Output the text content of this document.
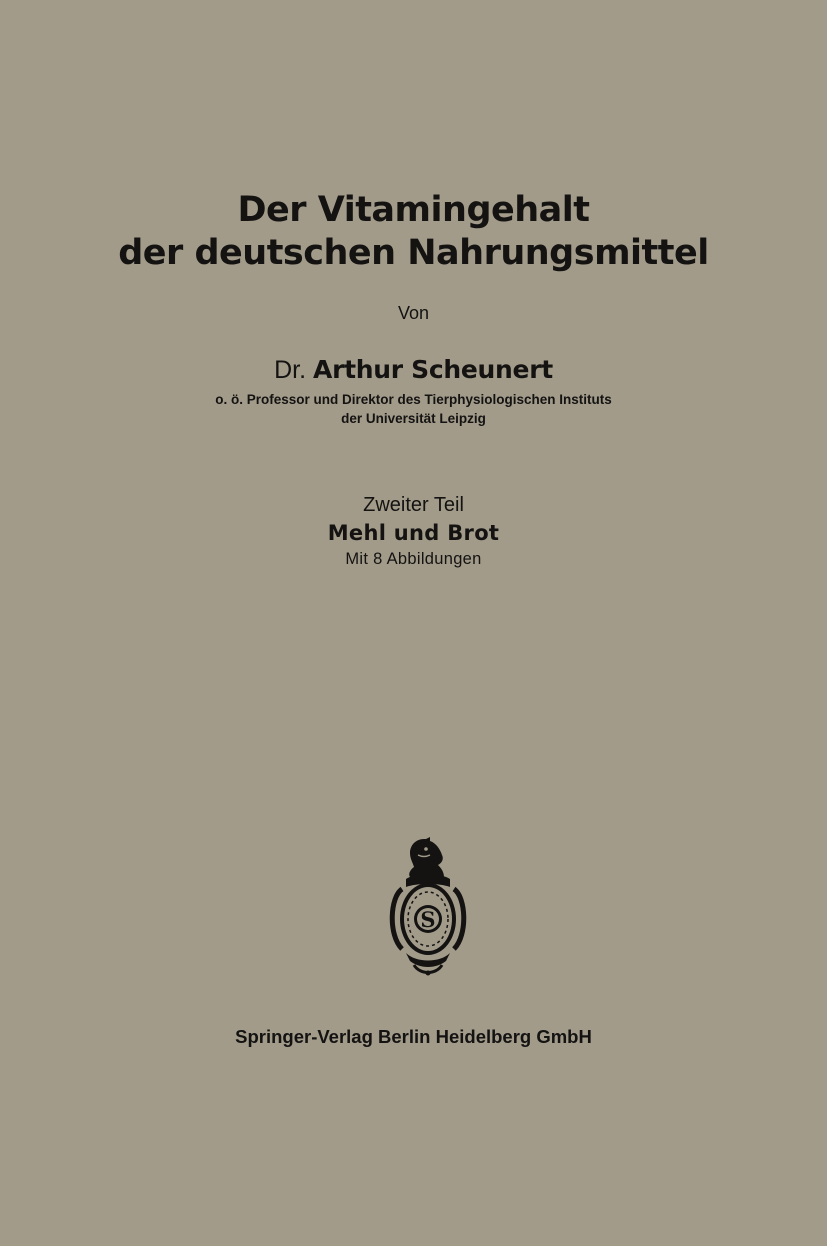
Der Vitamingehalt
der deutschen Nahrungsmittel
Von
Dr. Arthur Scheunert
o. ö. Professor und Direktor des Tierphysiologischen Instituts
der Universität Leipzig
Zweiter Teil
Mehl und Brot
Mit 8 Abbildungen
S
Springer-Verlag Berlin Heidelberg GmbH
